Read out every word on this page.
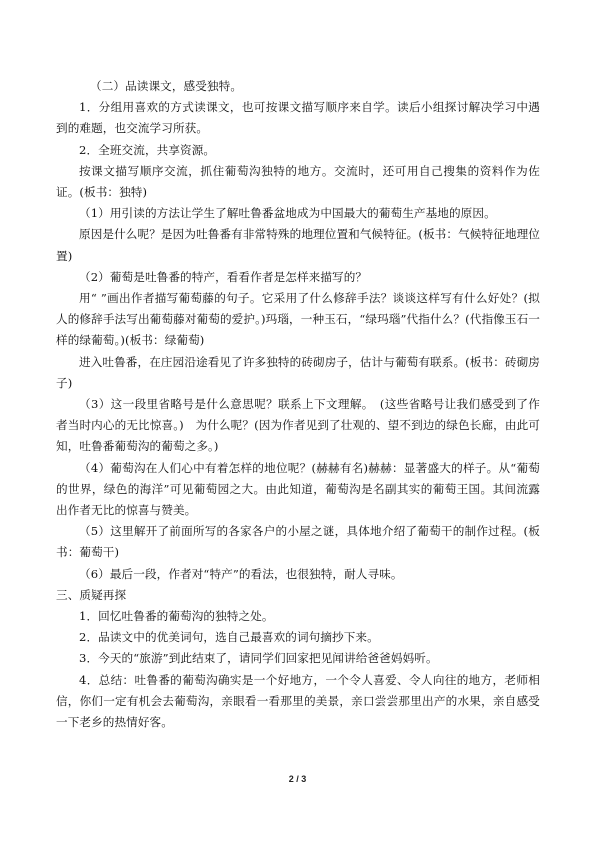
（二）品读课文，感受独特。

1．分组用喜欢的方式读课文，也可按课文描写顺序来自学。读后小组探讨解决学习中遇到的难题，也交流学习所获。

2．全班交流，共享资源。

按课文描写顺序交流，抓住葡萄沟独特的地方。交流时，还可用自己搜集的资料作为佐证。(板书：独特)

（1）用引读的方法让学生了解吐鲁番盆地成为中国最大的葡萄生产基地的原因。

原因是什么呢？是因为吐鲁番有非常特殊的地理位置和气候特征。(板书：气候特征地理位置)

（2）葡萄是吐鲁番的特产，看看作者是怎样来描写的？

用“ ”画出作者描写葡萄藤的句子。它采用了什么修辞手法？谈谈这样写有什么好处？(拟人的修辞手法写出葡萄藤对葡萄的爱护。)玛瑙，一种玉石，“绿玛瑙”代指什么？(代指像玉石一样的绿葡萄。)(板书：绿葡萄)

进入吐鲁番，在庄园沿途看见了许多独特的砖砌房子，估计与葡萄有联系。(板书：砖砌房子)

（3）这一段里省略号是什么意思呢？联系上下文理解。　(这些省略号让我们感受到了作者当时内心的无比惊喜。)　为什么呢？(因为作者见到了壮观的、望不到边的绿色长廊，由此可知，吐鲁番葡萄沟的葡萄之多。)

（4）葡萄沟在人们心中有着怎样的地位呢？(赫赫有名)赫赫：显著盛大的样子。从“葡萄的世界，绿色的海洋”可见葡萄园之大。由此知道，葡萄沟是名副其实的葡萄王国。其间流露出作者无比的惊喜与赞美。

（5）这里解开了前面所写的各家各户的小屋之谜，具体地介绍了葡萄干的制作过程。(板书：葡萄干)

（6）最后一段，作者对“特产”的看法，也很独特，耐人寻味。

三、质疑再探

1．回忆吐鲁番的葡萄沟的独特之处。

2．品读文中的优美词句，选自己最喜欢的词句摘抄下来。

3．今天的“旅游”到此结束了，请同学们回家把见闻讲给爸爸妈妈听。

4．总结：吐鲁番的葡萄沟确实是一个好地方，一个令人喜爱、令人向往的地方，老师相信，你们一定有机会去葡萄沟，亲眼看一看那里的美景，亲口尝尝那里出产的水果，亲自感受一下老乡的热情好客。

2 / 3
